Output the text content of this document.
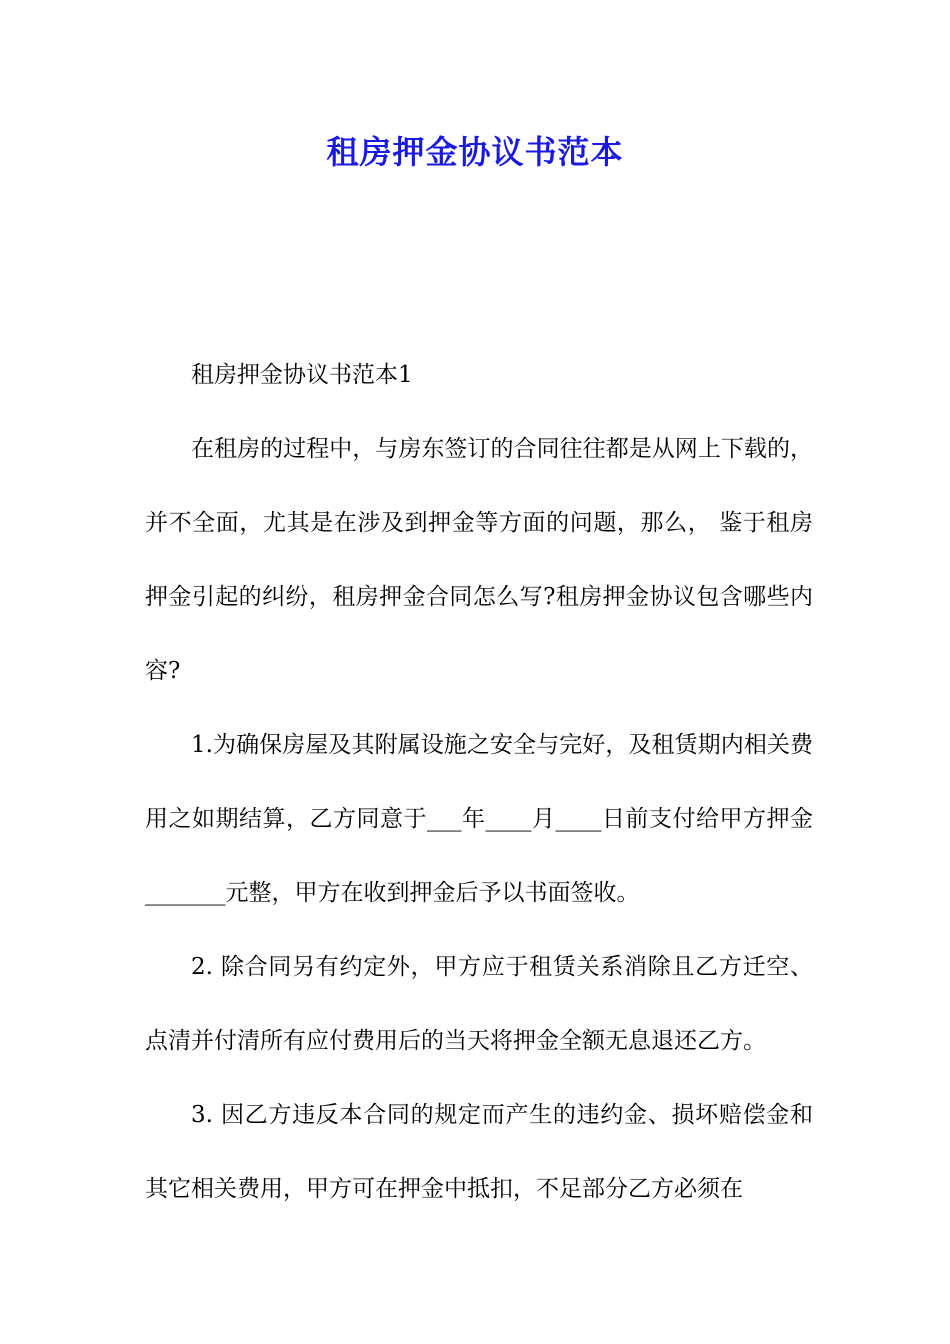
租房押金协议书范本

租房押金协议书范本1

在租房的过程中，与房东签订的合同往往都是从网上下载的，并不全面，尤其是在涉及到押金等方面的问题，那么， 鉴于租房押金引起的纠纷，租房押金合同怎么写?租房押金协议包含哪些内容?

1.为确保房屋及其附属设施之安全与完好，及租赁期内相关费用之如期结算，乙方同意于___年____月____日前支付给甲方押金_______元整，甲方在收到押金后予以书面签收。

2. 除合同另有约定外，甲方应于租赁关系消除且乙方迁空、点清并付清所有应付费用后的当天将押金全额无息退还乙方。

3. 因乙方违反本合同的规定而产生的违约金、损坏赔偿金和其它相关费用，甲方可在押金中抵扣，不足部分乙方必须在
